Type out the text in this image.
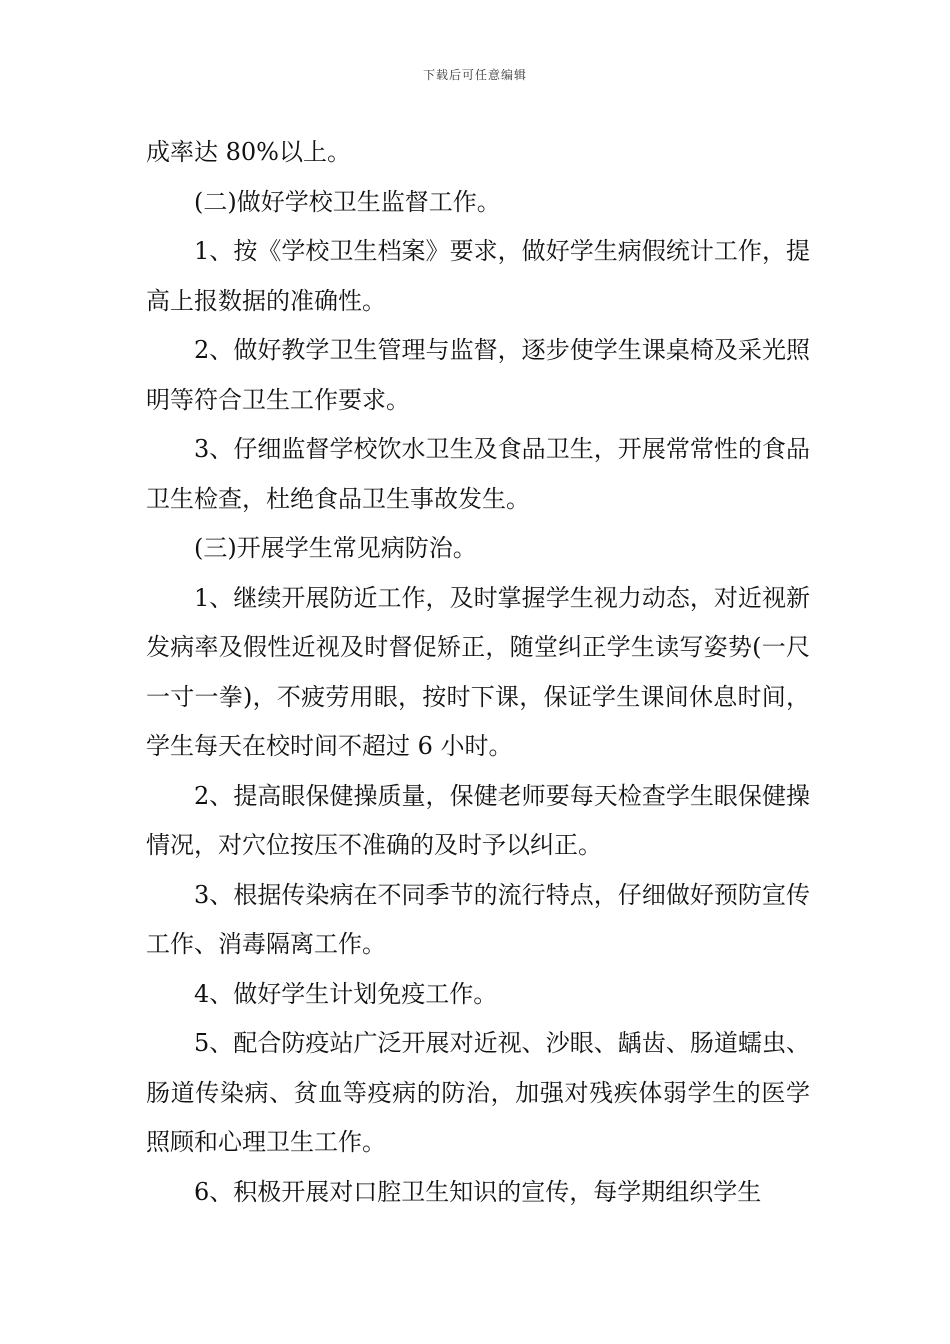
下载后可任意编辑

成率达 80%以上。

(二)做好学校卫生监督工作。

1、按《学校卫生档案》要求，做好学生病假统计工作，提高上报数据的准确性。

2、做好教学卫生管理与监督，逐步使学生课桌椅及采光照明等符合卫生工作要求。

3、仔细监督学校饮水卫生及食品卫生，开展常常性的食品卫生检查，杜绝食品卫生事故发生。

(三)开展学生常见病防治。

1、继续开展防近工作，及时掌握学生视力动态，对近视新发病率及假性近视及时督促矫正，随堂纠正学生读写姿势(一尺一寸一拳)，不疲劳用眼，按时下课，保证学生课间休息时间，学生每天在校时间不超过 6 小时。

2、提高眼保健操质量，保健老师要每天检查学生眼保健操情况，对穴位按压不准确的及时予以纠正。

3、根据传染病在不同季节的流行特点，仔细做好预防宣传工作、消毒隔离工作。

4、做好学生计划免疫工作。

5、配合防疫站广泛开展对近视、沙眼、龋齿、肠道蠕虫、肠道传染病、贫血等疫病的防治，加强对残疾体弱学生的医学照顾和心理卫生工作。

6、积极开展对口腔卫生知识的宣传，每学期组织学生
